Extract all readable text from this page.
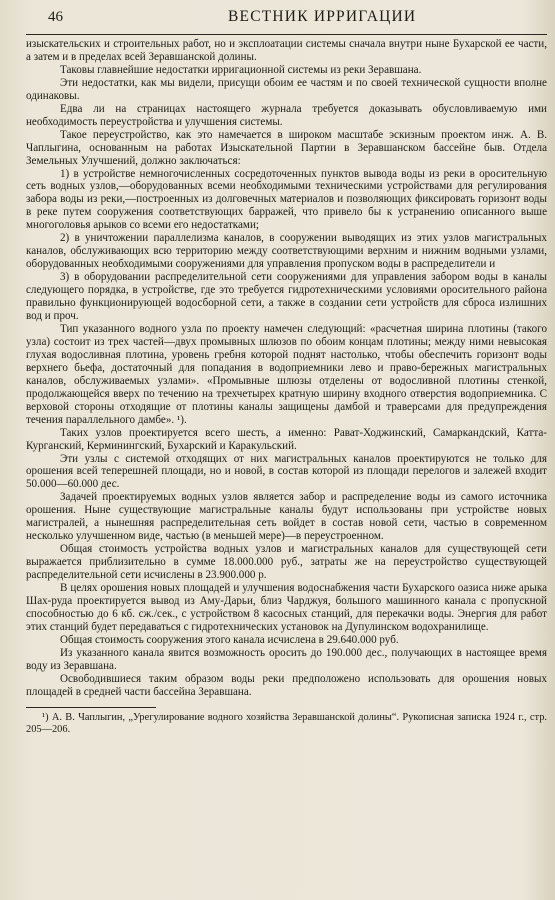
46	ВЕСТНИК ИРРИГАЦИИ

изыскательских и строительных работ, но и эксплоатации системы сначала внутри ныне Бухарской ее части, а затем и в пределах всей Зеравшанской долины.

Таковы главнейшие недостатки ирригационной системы из реки Зеравшана.

Эти недостатки, как мы видели, присущи обоим ее частям и по своей технической сущности вполне одинаковы.

Едва ли на страницах настоящего журнала требуется доказывать обусловливаемую ими необходимость переустройства и улучшения системы.

Такое переустройство, как это намечается в широком масштабе эскизным проектом инж. А. В. Чаплыгина, основанным на работах Изыскательной Партии в Зеравшанском бассейне быв. Отдела Земельных Улучшений, должно заключаться:

1) в устройстве немногочисленных сосредоточенных пунктов вывода воды из реки в оросительную сеть водных узлов,—оборудованных всеми необходимыми техническими устройствами для регулирования забора воды из реки,—построенных из долговечных материалов и позволяющих фиксировать горизонт воды в реке путем сооружения соответствующих барражей, что привело бы к устранению описанного выше многоголовья арыков со всеми его недостатками;

2) в уничтожении параллелизма каналов, в сооружении выводящих из этих узлов магистральных каналов, обслуживающих всю территорию между соответствующими верхним и нижним водными узлами, оборудованных необходимыми сооружениями для управления пропуском воды в распределители и

3) в оборудовании распределительной сети сооружениями для управления забором воды в каналы следующего порядка, в устройстве, где это требуется гидротехническими условиями оросительного района правильно функционирующей водосборной сети, а также в создании сети устройств для сброса излишних вод и проч.

Тип указанного водного узла по проекту намечен следующий: «расчетная ширина плотины (такого узла) состоит из трех частей—двух промывных шлюзов по обоим концам плотины; между ними невысокая глухая водосливная плотина, уровень гребня которой поднят настолько, чтобы обеспечить горизонт воды верхнего бьефа, достаточный для попадания в водоприемники лево и право-бережных магистральных каналов, обслуживаемых узлами». «Промывные шлюзы отделены от водосливной плотины стенкой, продолжающейся вверх по течению на трехчетырех кратную ширину входного отверстия водоприемника. С верховой стороны отходящие от плотины каналы защищены дамбой и траверсами для предупреждения течения параллельного дамбе». ¹).

Таких узлов проектируется всего шесть, а именно: Рават-Ходжинский, Самаркандский, Катта-Курганский, Керминингский, Бухарский и Каракульский.

Эти узлы с системой отходящих от них магистральных каналов проектируются не только для орошения всей теперешней площади, но и новой, в состав которой из площади перелогов и залежей входит 50.000—60.000 дес.

Задачей проектируемых водных узлов является забор и распределение воды из самого источника орошения. Ныне существующие магистральные каналы будут использованы при устройстве новых магистралей, а нынешняя распределительная сеть войдет в состав новой сети, частью в современном несколько улучшенном виде, частью (в меньшей мере)—в переустроенном.

Общая стоимость устройства водных узлов и магистральных каналов для существующей сети выражается приблизительно в сумме 18.000.000 руб., затраты же на переустройство существующей распределительной сети исчислены в 23.900.000 р.

В целях орошения новых площадей и улучшения водоснабжения части Бухарского оазиса ниже арыка Шах-руда проектируется вывод из Аму-Дарьи, близ Чарджуя, большого машинного канала с пропускной способностью до 6 кб. сж./сек., с устройством 8 касосных станций, для перекачки воды. Энергия для работ этих станций будет передаваться с гидротехнических установок на Дупулинском водохранилище.

Общая стоимость сооружения этого канала исчислена в 29.640.000 руб.

Из указанного канала явится возможность оросить до 190.000 дес., получающих в настоящее время воду из Зеравшана.

Освободившиеся таким образом воды реки предположено использовать для орошения новых площадей в средней части бассейна Зеравшана.

¹) А. В. Чаплыгин, „Урегулирование водного хозяйства Зеравшанской долины“. Рукописная записка 1924 г., стр. 205—206.
